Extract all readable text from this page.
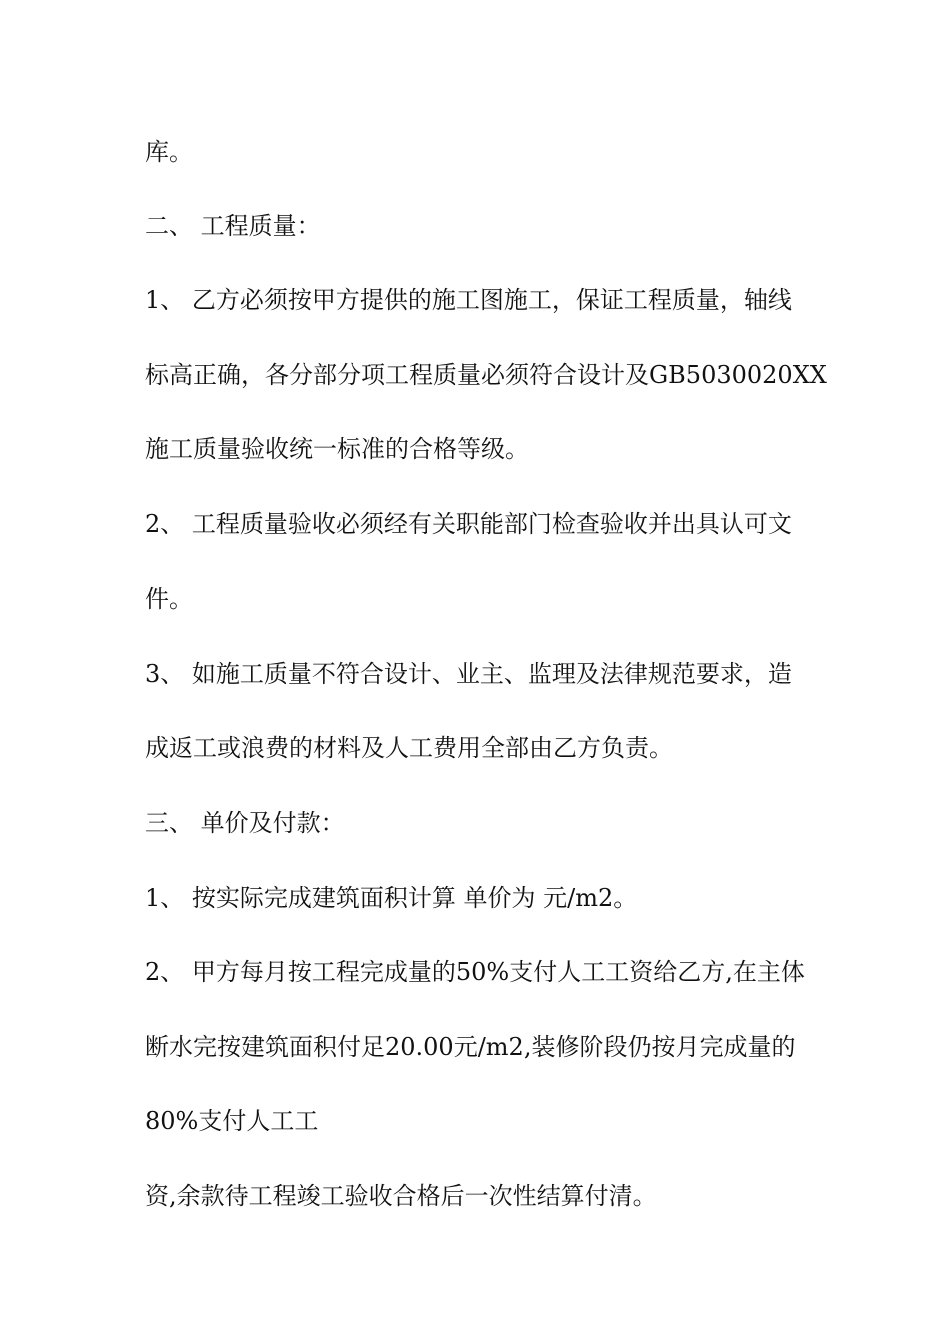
库。
二、 工程质量：
1、 乙方必须按甲方提供的施工图施工，保证工程质量，轴线
标高正确，各分部分项工程质量必须符合设计及GB5030020XX
施工质量验收统一标准的合格等级。
2、 工程质量验收必须经有关职能部门检查验收并出具认可文
件。
3、 如施工质量不符合设计、业主、监理及法律规范要求，造
成返工或浪费的材料及人工费用全部由乙方负责。
三、 单价及付款：
1、 按实际完成建筑面积计算 单价为 元/m2。
2、 甲方每月按工程完成量的50%支付人工工资给乙方,在主体
断水完按建筑面积付足20.00元/m2,装修阶段仍按月完成量的
80%支付人工工
资,余款待工程竣工验收合格后一次性结算付清。
